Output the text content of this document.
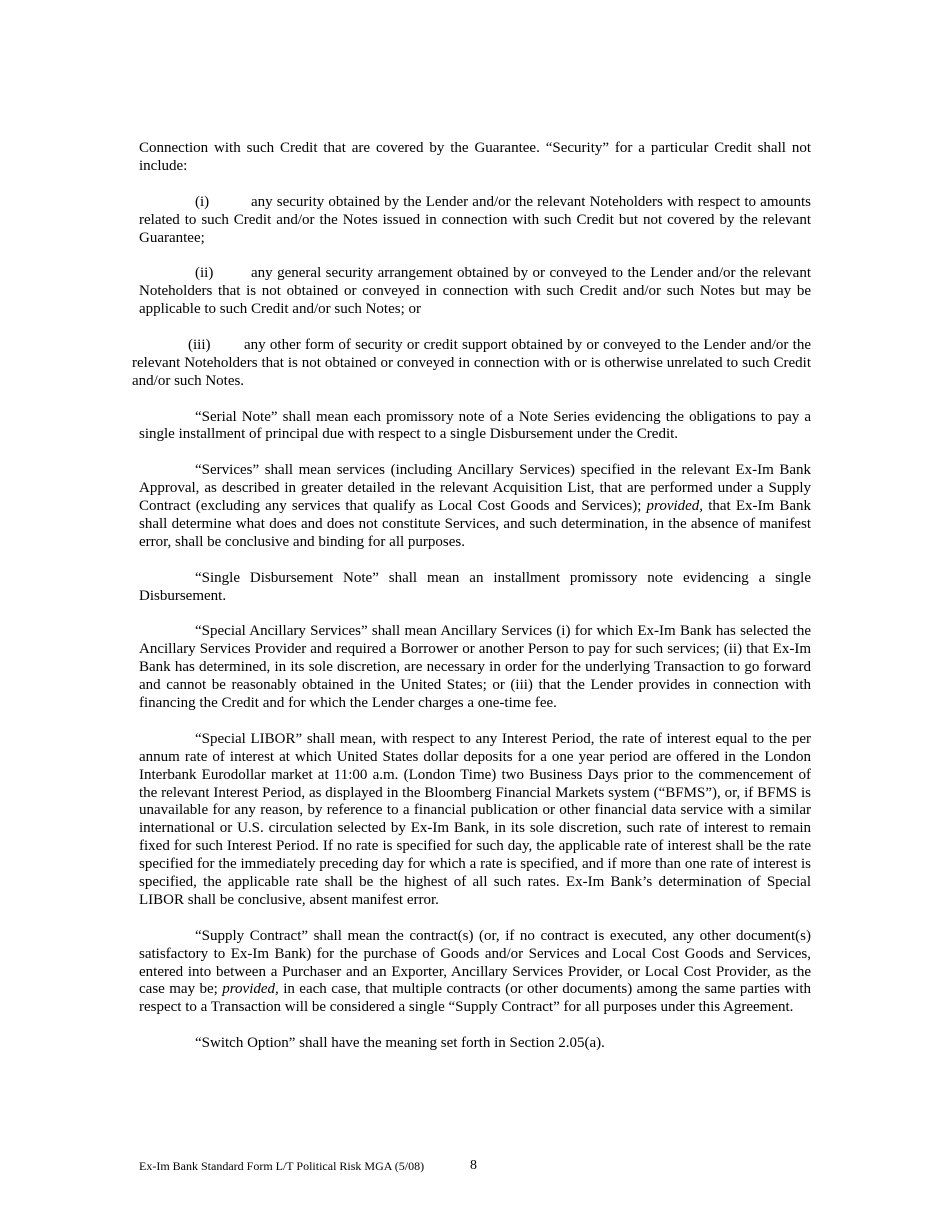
Connection with such Credit that are covered by the Guarantee. “Security” for a particular Credit shall not include:

(i)	any security obtained by the Lender and/or the relevant Noteholders with respect to amounts related to such Credit and/or the Notes issued in connection with such Credit but not covered by the relevant Guarantee;

(ii)	any general security arrangement obtained by or conveyed to the Lender and/or the relevant Noteholders that is not obtained or conveyed in connection with such Credit and/or such Notes but may be applicable to such Credit and/or such Notes; or

(iii) any other form of security or credit support obtained by or conveyed to the Lender and/or the relevant Noteholders that is not obtained or conveyed in connection with or is otherwise unrelated to such Credit and/or such Notes.

“Serial Note” shall mean each promissory note of a Note Series evidencing the obligations to pay a single installment of principal due with respect to a single Disbursement under the Credit.

“Services” shall mean services (including Ancillary Services) specified in the relevant Ex-Im Bank Approval, as described in greater detailed in the relevant Acquisition List, that are performed under a Supply Contract (excluding any services that qualify as Local Cost Goods and Services); provided, that Ex-Im Bank shall determine what does and does not constitute Services, and such determination, in the absence of manifest error, shall be conclusive and binding for all purposes.

“Single Disbursement Note” shall mean an installment promissory note evidencing a single Disbursement.

“Special Ancillary Services” shall mean Ancillary Services (i) for which Ex-Im Bank has selected the Ancillary Services Provider and required a Borrower or another Person to pay for such services; (ii) that Ex-Im Bank has determined, in its sole discretion, are necessary in order for the underlying Transaction to go forward and cannot be reasonably obtained in the United States; or (iii) that the Lender provides in connection with financing the Credit and for which the Lender charges a one-time fee.

“Special LIBOR” shall mean, with respect to any Interest Period, the rate of interest equal to the per annum rate of interest at which United States dollar deposits for a one year period are offered in the London Interbank Eurodollar market at 11:00 a.m. (London Time) two Business Days prior to the commencement of the relevant Interest Period, as displayed in the Bloomberg Financial Markets system (“BFMS”), or, if BFMS is unavailable for any reason, by reference to a financial publication or other financial data service with a similar international or U.S. circulation selected by Ex-Im Bank, in its sole discretion, such rate of interest to remain fixed for such Interest Period. If no rate is specified for such day, the applicable rate of interest shall be the rate specified for the immediately preceding day for which a rate is specified, and if more than one rate of interest is specified, the applicable rate shall be the highest of all such rates. Ex-Im Bank’s determination of Special LIBOR shall be conclusive, absent manifest error.

“Supply Contract” shall mean the contract(s) (or, if no contract is executed, any other document(s) satisfactory to Ex-Im Bank) for the purchase of Goods and/or Services and Local Cost Goods and Services, entered into between a Purchaser and an Exporter, Ancillary Services Provider, or Local Cost Provider, as the case may be; provided, in each case, that multiple contracts (or other documents) among the same parties with respect to a Transaction will be considered a single “Supply Contract” for all purposes under this Agreement.

“Switch Option” shall have the meaning set forth in Section 2.05(a).

Ex-Im Bank Standard Form L/T Political Risk MGA (5/08)	8
